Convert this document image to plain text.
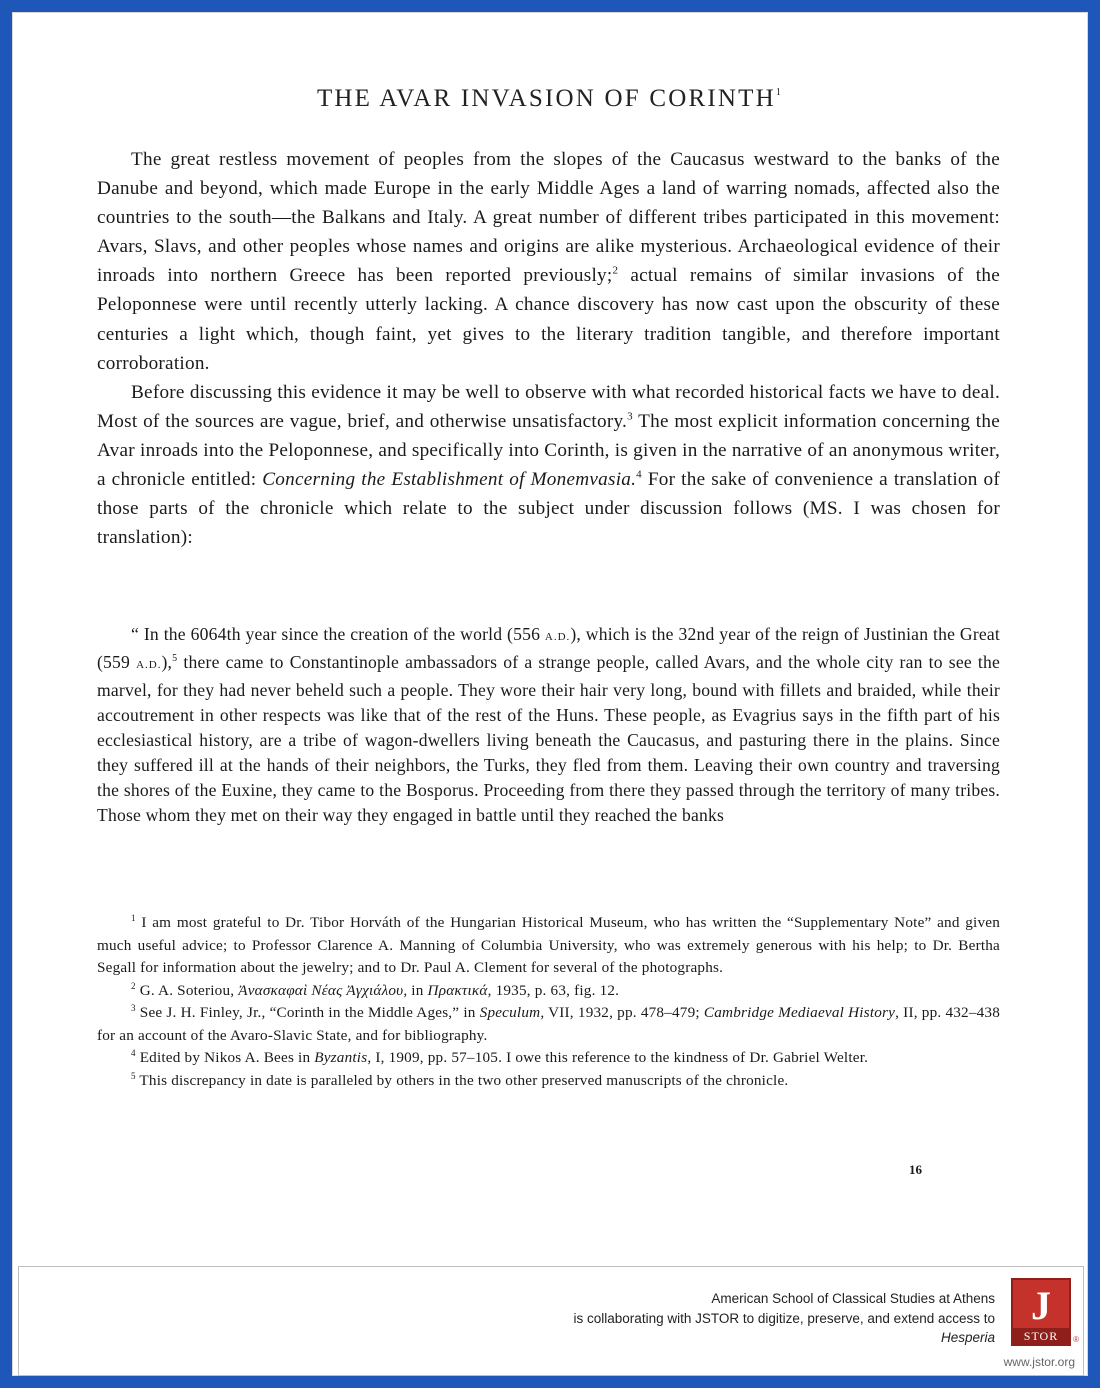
THE AVAR INVASION OF CORINTH$^1$

The great restless movement of peoples from the slopes of the Caucasus westward to the banks of the Danube and beyond, which made Europe in the early Middle Ages a land of warring nomads, affected also the countries to the south—the Balkans and Italy. A great number of different tribes participated in this movement: Avars, Slavs, and other peoples whose names and origins are alike mysterious. Archaeological evidence of their inroads into northern Greece has been reported previously;$^2$ actual remains of similar invasions of the Peloponnese were until recently utterly lacking. A chance discovery has now cast upon the obscurity of these centuries a light which, though faint, yet gives to the literary tradition tangible, and therefore important corroboration.

Before discussing this evidence it may be well to observe with what recorded historical facts we have to deal. Most of the sources are vague, brief, and otherwise unsatisfactory.$^3$ The most explicit information concerning the Avar inroads into the Peloponnese, and specifically into Corinth, is given in the narrative of an anonymous writer, a chronicle entitled: Concerning the Establishment of Monemvasia.$^4$ For the sake of convenience a translation of those parts of the chronicle which relate to the subject under discussion follows (MS. I was chosen for translation):

“ In the 6064th year since the creation of the world (556 A.D.), which is the 32nd year of the reign of Justinian the Great (559 A.D.),$^5$ there came to Constantinople ambassadors of a strange people, called Avars, and the whole city ran to see the marvel, for they had never beheld such a people. They wore their hair very long, bound with fillets and braided, while their accoutrement in other respects was like that of the rest of the Huns. These people, as Evagrius says in the fifth part of his ecclesiastical history, are a tribe of wagon-dwellers living beneath the Caucasus, and pasturing there in the plains. Since they suffered ill at the hands of their neighbors, the Turks, they fled from them. Leaving their own country and traversing the shores of the Euxine, they came to the Bosporus. Proceeding from there they passed through the territory of many tribes. Those whom they met on their way they engaged in battle until they reached the banks

$^1$ I am most grateful to Dr. Tibor Horváth of the Hungarian Historical Museum, who has written the “Supplementary Note” and given much useful advice; to Professor Clarence A. Manning of Columbia University, who was extremely generous with his help; to Dr. Bertha Segall for information about the jewelry; and to Dr. Paul A. Clement for several of the photographs.

$^2$ G. A. Soteriou, Ἀνασκαφαὶ Νέας Ἀγχιάλου, in Πρακτικά, 1935, p. 63, fig. 12.

$^3$ See J. H. Finley, Jr., “Corinth in the Middle Ages,” in Speculum, VII, 1932, pp. 478–479; Cambridge Mediaeval History, II, pp. 432–438 for an account of the Avaro-Slavic State, and for bibliography.

$^4$ Edited by Nikos A. Bees in Byzantis, I, 1909, pp. 57–105. I owe this reference to the kindness of Dr. Gabriel Welter.

$^5$ This discrepancy in date is paralleled by others in the two other preserved manuscripts of the chronicle.

16
American School of Classical Studies at Athens
is collaborating with JSTOR to digitize, preserve, and extend access to
Hesperia
J
STOR	®
www.jstor.org
